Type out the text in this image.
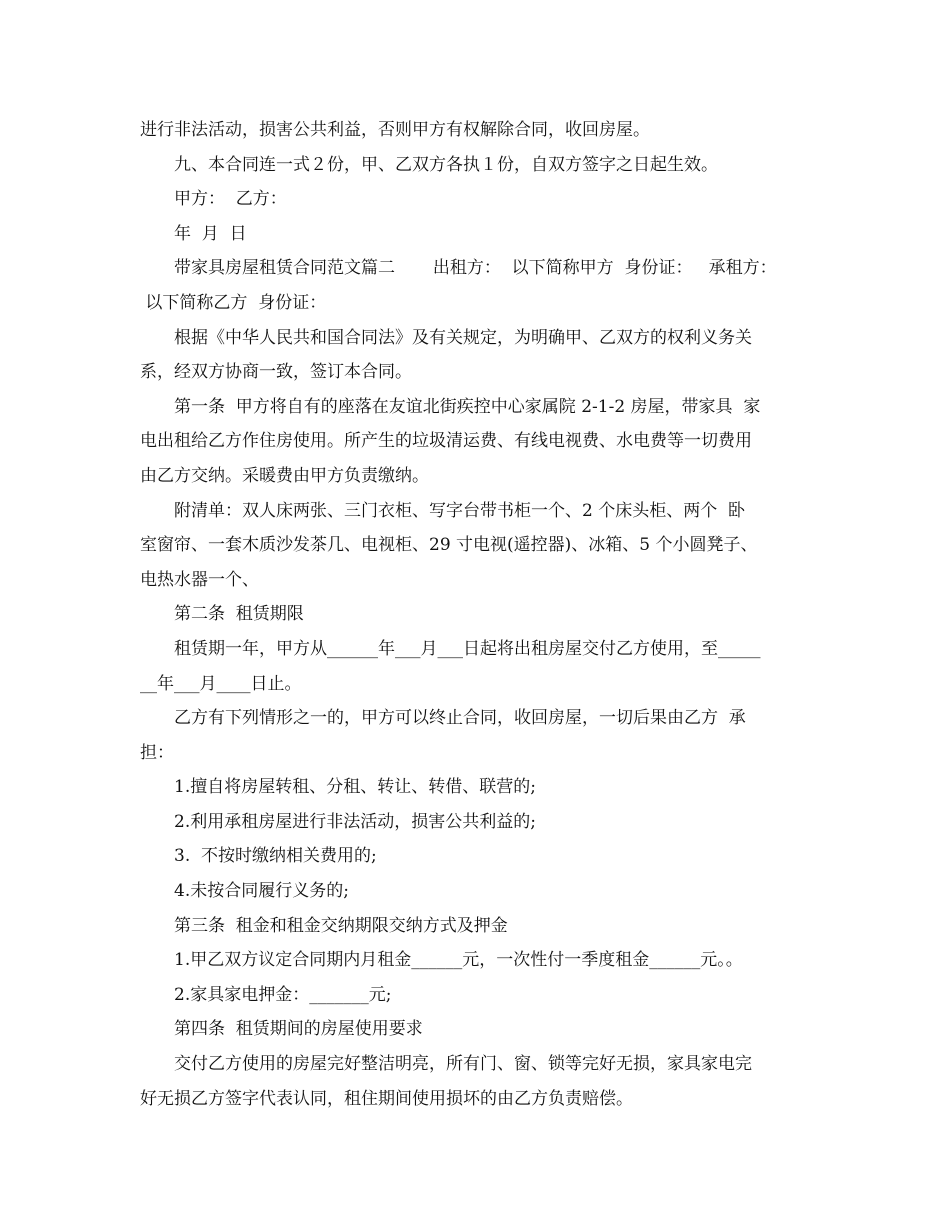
进行非法活动，损害公共利益，否则甲方有权解除合同，收回房屋。
九、本合同连一式２份，甲、乙双方各执１份，自双方签字之日起生效。
甲方：  乙方：
年  月  日
带家具房屋租赁合同范文篇二       出租方：  以下简称甲方  身份证：   承租方：
以下简称乙方  身份证：
根据《中华人民共和国合同法》及有关规定，为明确甲、乙双方的权利义务关
系，经双方协商一致，签订本合同。
第一条  甲方将自有的座落在友谊北街疾控中心家属院 2-1-2 房屋，带家具  家
电出租给乙方作住房使用。所产生的垃圾清运费、有线电视费、水电费等一切费用
由乙方交纳。采暖费由甲方负责缴纳。
附清单：双人床两张、三门衣柜、写字台带书柜一个、2 个床头柜、两个  卧
室窗帘、一套木质沙发茶几、电视柜、29 寸电视(遥控器)、冰箱、5 个小圆凳子、
电热水器一个、
第二条  租赁期限
租赁期一年，甲方从______年___月___日起将出租房屋交付乙方使用，至_____
__年___月____日止。
乙方有下列情形之一的，甲方可以终止合同，收回房屋，一切后果由乙方  承
担：
1.擅自将房屋转租、分租、转让、转借、联营的;
2.利用承租房屋进行非法活动，损害公共利益的;
3.  不按时缴纳相关费用的;
4.未按合同履行义务的;
第三条  租金和租金交纳期限交纳方式及押金
1.甲乙双方议定合同期内月租金______元，一次性付一季度租金______元。。
2.家具家电押金：_______元;
第四条  租赁期间的房屋使用要求
交付乙方使用的房屋完好整洁明亮，所有门、窗、锁等完好无损，家具家电完
好无损乙方签字代表认同，租住期间使用损坏的由乙方负责赔偿。
